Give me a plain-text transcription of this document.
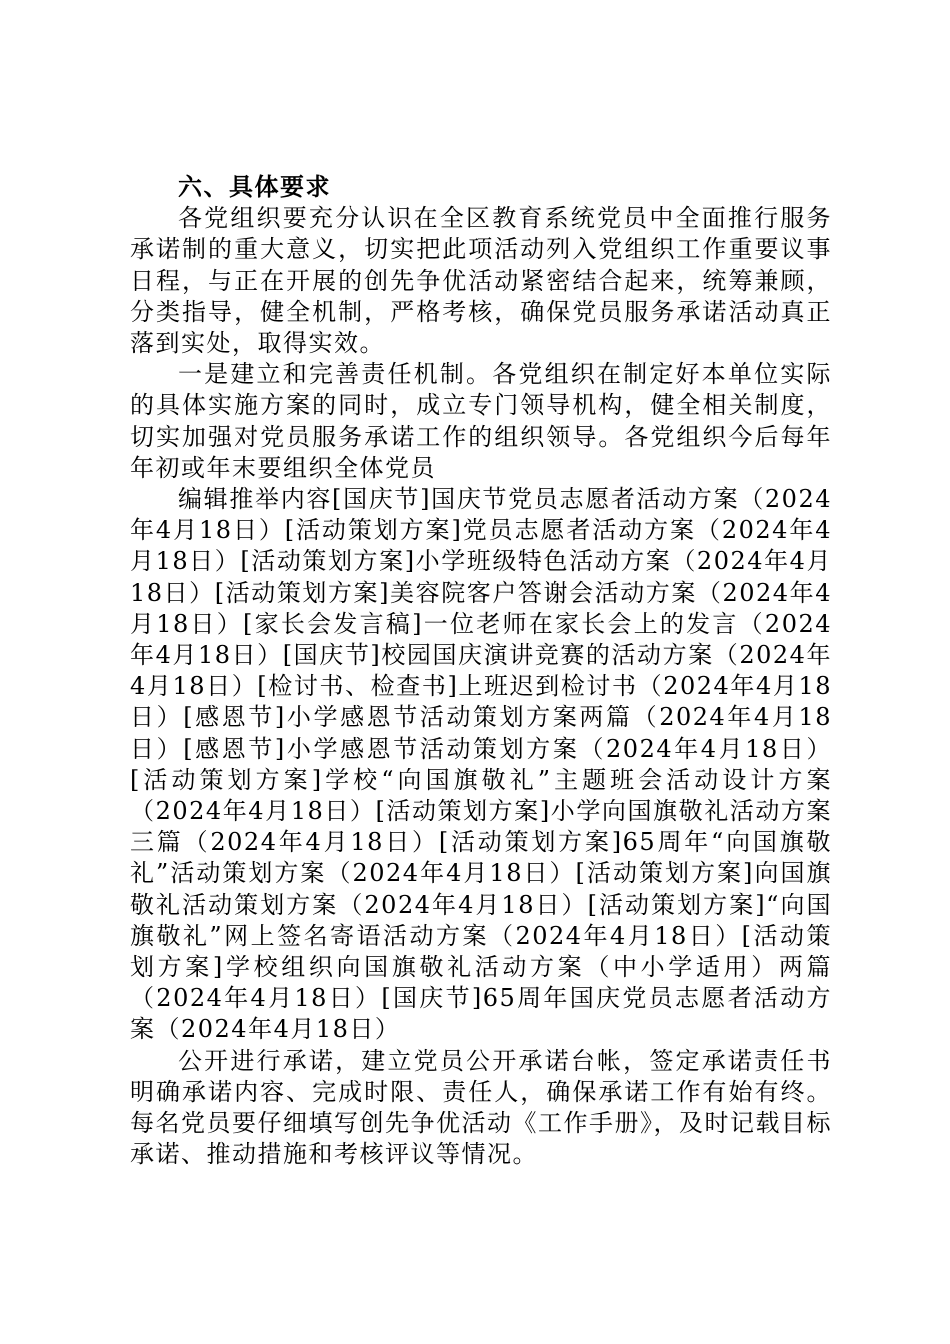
六、具体要求

各党组织要充分认识在全区教育系统党员中全面推行服务承诺制的重大意义，切实把此项活动列入党组织工作重要议事日程，与正在开展的创先争优活动紧密结合起来，统筹兼顾，分类指导，健全机制，严格考核，确保党员服务承诺活动真正落到实处，取得实效。

一是建立和完善责任机制。各党组织在制定好本单位实际的具体实施方案的同时，成立专门领导机构，健全相关制度，切实加强对党员服务承诺工作的组织领导。各党组织今后每年年初或年末要组织全体党员

编辑推举内容[国庆节]国庆节党员志愿者活动方案（2024年4月18日）[活动策划方案]党员志愿者活动方案（2024年4月18日）[活动策划方案]小学班级特色活动方案（2024年4月18日）[活动策划方案]美容院客户答谢会活动方案（2024年4月18日）[家长会发言稿]一位老师在家长会上的发言（2024年4月18日）[国庆节]校园国庆演讲竞赛的活动方案（2024年4月18日）[检讨书、检查书]上班迟到检讨书（2024年4月18日）[感恩节]小学感恩节活动策划方案两篇（2024年4月18日）[感恩节]小学感恩节活动策划方案（2024年4月18日）[活动策划方案]学校“向国旗敬礼”主题班会活动设计方案（2024年4月18日）[活动策划方案]小学向国旗敬礼活动方案三篇（2024年4月18日）[活动策划方案]65周年“向国旗敬礼”活动策划方案（2024年4月18日）[活动策划方案]向国旗敬礼活动策划方案（2024年4月18日）[活动策划方案]“向国旗敬礼”网上签名寄语活动方案（2024年4月18日）[活动策划方案]学校组织向国旗敬礼活动方案（中小学适用）两篇（2024年4月18日）[国庆节]65周年国庆党员志愿者活动方案（2024年4月18日）

公开进行承诺，建立党员公开承诺台帐，签定承诺责任书明确承诺内容、完成时限、责任人，确保承诺工作有始有终。每名党员要仔细填写创先争优活动《工作手册》，及时记载目标承诺、推动措施和考核评议等情况。
